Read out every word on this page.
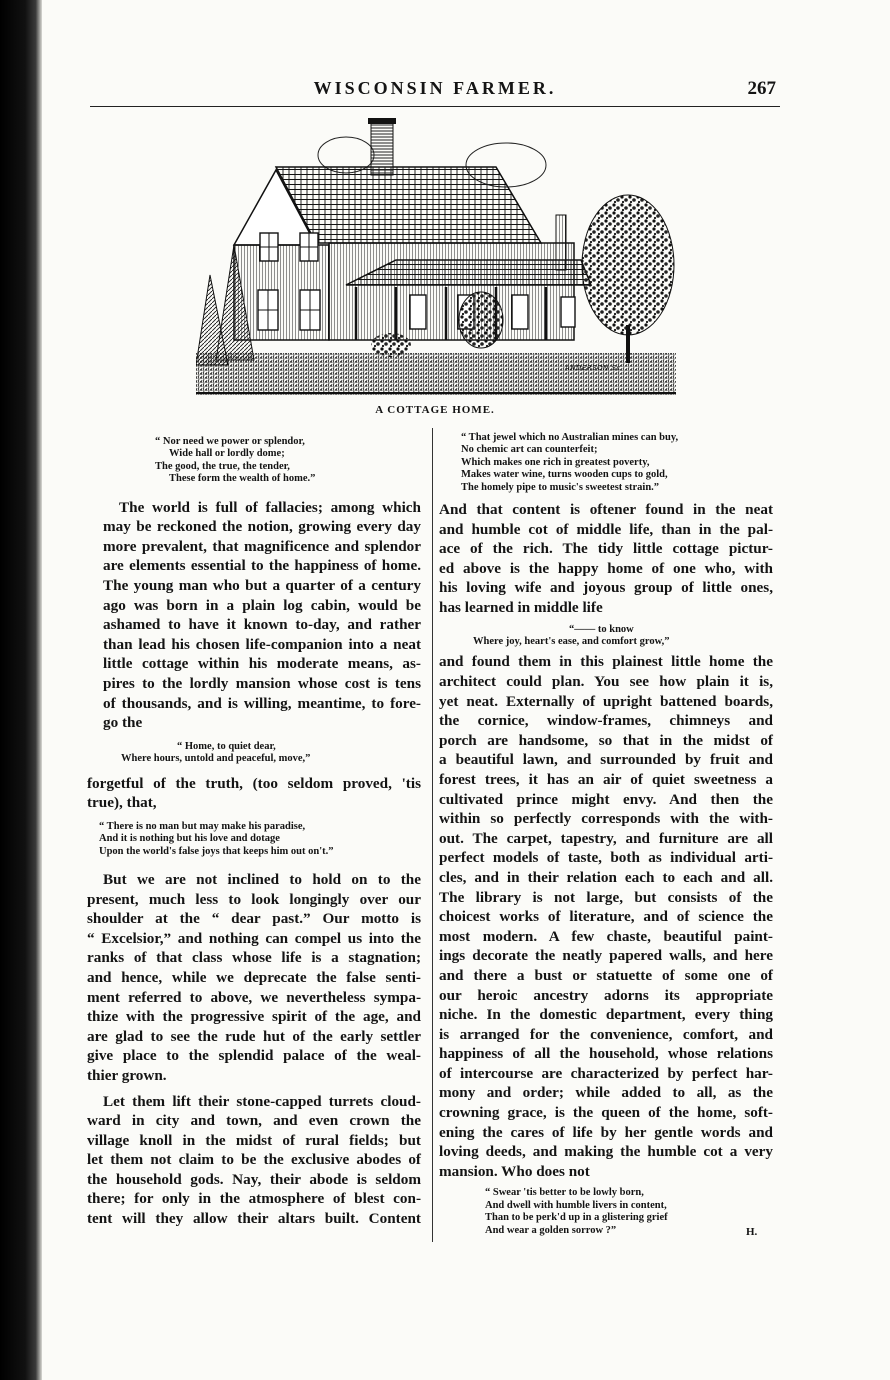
WISCONSIN FARMER.	267
ANDERSON Sc
A COTTAGE HOME.
“ Nor need we power or splendor,
Wide hall or lordly dome;
The good, the true, the tender,
These form the wealth of home.”
The world is full of fallacies; among which
may be reckoned the notion, growing every day
more prevalent, that magnificence and splendor
are elements essential to the happiness of home.
The young man who but a quarter of a century
ago was born in a plain log cabin, would be
ashamed to have it known to-day, and rather
than lead his chosen life-companion into a neat
little cottage within his moderate means, as-
pires to the lordly mansion whose cost is tens
of thousands, and is willing, meantime, to fore-
go the
“ Home, to quiet dear,
Where hours, untold and peaceful, move,”
forgetful of the truth, (too seldom proved, 'tis
true), that,
“ There is no man but may make his paradise,
And it is nothing but his love and dotage
Upon the world's false joys that keeps him out on't.”
But we are not inclined to hold on to the
present, much less to look longingly over our
shoulder at the “ dear past.” Our motto is
“ Excelsior,” and nothing can compel us into the
ranks of that class whose life is a stagnation;
and hence, while we deprecate the false senti-
ment referred to above, we nevertheless sympa-
thize with the progressive spirit of the age, and
are glad to see the rude hut of the early settler
give place to the splendid palace of the weal-
thier grown.
Let them lift their stone-capped turrets cloud-
ward in city and town, and even crown the
village knoll in the midst of rural fields; but
let them not claim to be the exclusive abodes of
the household gods. Nay, their abode is seldom
there; for only in the atmosphere of blest con-
tent will they allow their altars built. Content
“ That jewel which no Australian mines can buy,
No chemic art can counterfeit;
Which makes one rich in greatest poverty,
Makes water wine, turns wooden cups to gold,
The homely pipe to music's sweetest strain.”
And that content is oftener found in the neat
and humble cot of middle life, than in the pal-
ace of the rich. The tidy little cottage pictur-
ed above is the happy home of one who, with
his loving wife and joyous group of little ones,
has learned in middle life
“—— to know
Where joy, heart's ease, and comfort grow,”
and found them in this plainest little home the
architect could plan. You see how plain it is,
yet neat. Externally of upright battened boards,
the cornice, window-frames, chimneys and
porch are handsome, so that in the midst of
a beautiful lawn, and surrounded by fruit and
forest trees, it has an air of quiet sweetness a
cultivated prince might envy. And then the
within so perfectly corresponds with the with-
out. The carpet, tapestry, and furniture are all
perfect models of taste, both as individual arti-
cles, and in their relation each to each and all.
The library is not large, but consists of the
choicest works of literature, and of science the
most modern. A few chaste, beautiful paint-
ings decorate the neatly papered walls, and here
and there a bust or statuette of some one of
our heroic ancestry adorns its appropriate
niche. In the domestic department, every thing
is arranged for the convenience, comfort, and
happiness of all the household, whose relations
of intercourse are characterized by perfect har-
mony and order; while added to all, as the
crowning grace, is the queen of the home, soft-
ening the cares of life by her gentle words and
loving deeds, and making the humble cot a very
mansion. Who does not
“ Swear 'tis better to be lowly born,
And dwell with humble livers in content,
Than to be perk'd up in a glistering grief
And wear a golden sorrow ?”	H.
